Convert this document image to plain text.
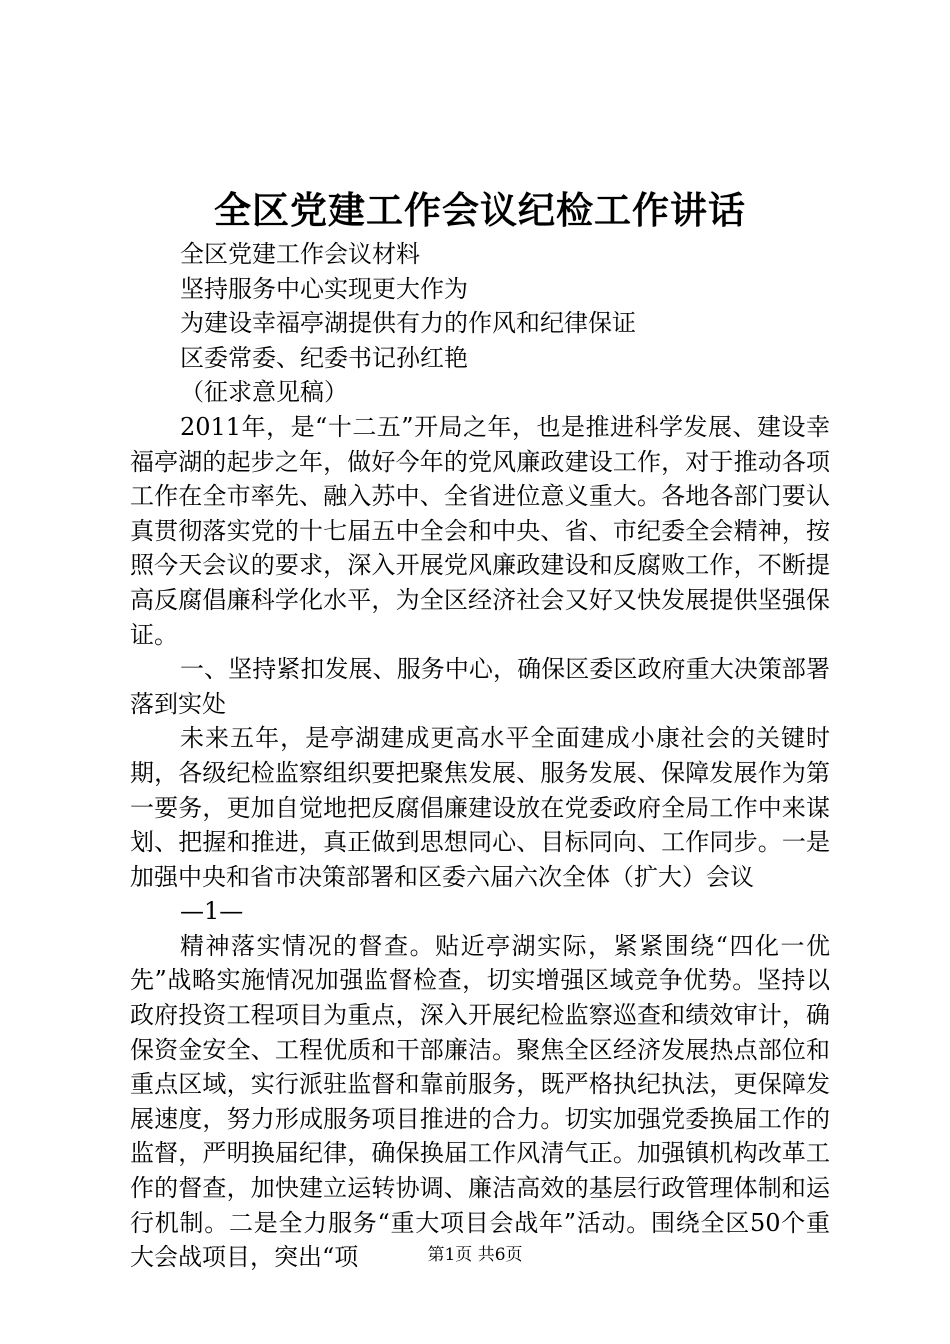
全区党建工作会议纪检工作讲话
全区党建工作会议材料
坚持服务中心实现更大作为
为建设幸福亭湖提供有力的作风和纪律保证
区委常委、纪委书记孙红艳
（征求意见稿）

2011年，是“十二五”开局之年，也是推进科学发展、建设幸福亭湖的起步之年，做好今年的党风廉政建设工作，对于推动各项工作在全市率先、融入苏中、全省进位意义重大。各地各部门要认真贯彻落实党的十七届五中全会和中央、省、市纪委全会精神，按照今天会议的要求，深入开展党风廉政建设和反腐败工作，不断提高反腐倡廉科学化水平，为全区经济社会又好又快发展提供坚强保证。

一、坚持紧扣发展、服务中心，确保区委区政府重大决策部署落到实处

未来五年，是亭湖建成更高水平全面建成小康社会的关键时期，各级纪检监察组织要把聚焦发展、服务发展、保障发展作为第一要务，更加自觉地把反腐倡廉建设放在党委政府全局工作中来谋划、把握和推进，真正做到思想同心、目标同向、工作同步。一是加强中央和省市决策部署和区委六届六次全体（扩大）会议

—1—

精神落实情况的督查。贴近亭湖实际，紧紧围绕“四化一优先”战略实施情况加强监督检查，切实增强区域竞争优势。坚持以政府投资工程项目为重点，深入开展纪检监察巡查和绩效审计，确保资金安全、工程优质和干部廉洁。聚焦全区经济发展热点部位和重点区域，实行派驻监督和靠前服务，既严格执纪执法，更保障发展速度，努力形成服务项目推进的合力。切实加强党委换届工作的监督，严明换届纪律，确保换届工作风清气正。加强镇机构改革工作的督查，加快建立运转协调、廉洁高效的基层行政管理体制和运行机制。二是全力服务“重大项目会战年”活动。围绕全区50个重大会战项目，突出“项	第1页 共6页
